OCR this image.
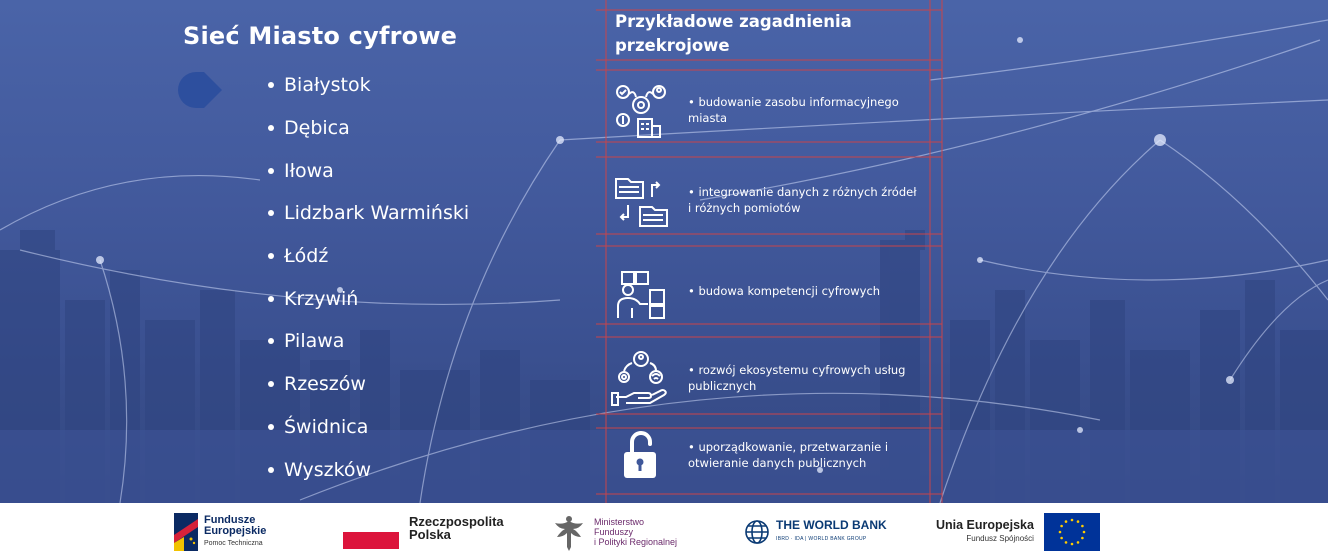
Sieć Miasto cyfrowe
Białystok
Dębica
Iłowa
Lidzbark Warmiński
Łódź
Krzywiń
Pilawa
Rzeszów
Świdnica
Wyszków
Przykładowe zagadnienia przekrojowe
• budowanie zasobu informacyjnego miasta
• integrowanie danych z różnych źródeł i różnych pomiotów
• budowa kompetencji cyfrowych
• rozwój ekosystemu cyfrowych usług publicznych
• uporządkowanie, przetwarzanie i otwieranie danych publicznych
Fundusze
Europejskie
Pomoc Techniczna
Rzeczpospolita
Polska
Ministerstwo
Funduszy
i Polityki Regionalnej
THE WORLD BANK
IBRD · IDA | WORLD BANK GROUP
Unia Europejska
Fundusz Spójności
